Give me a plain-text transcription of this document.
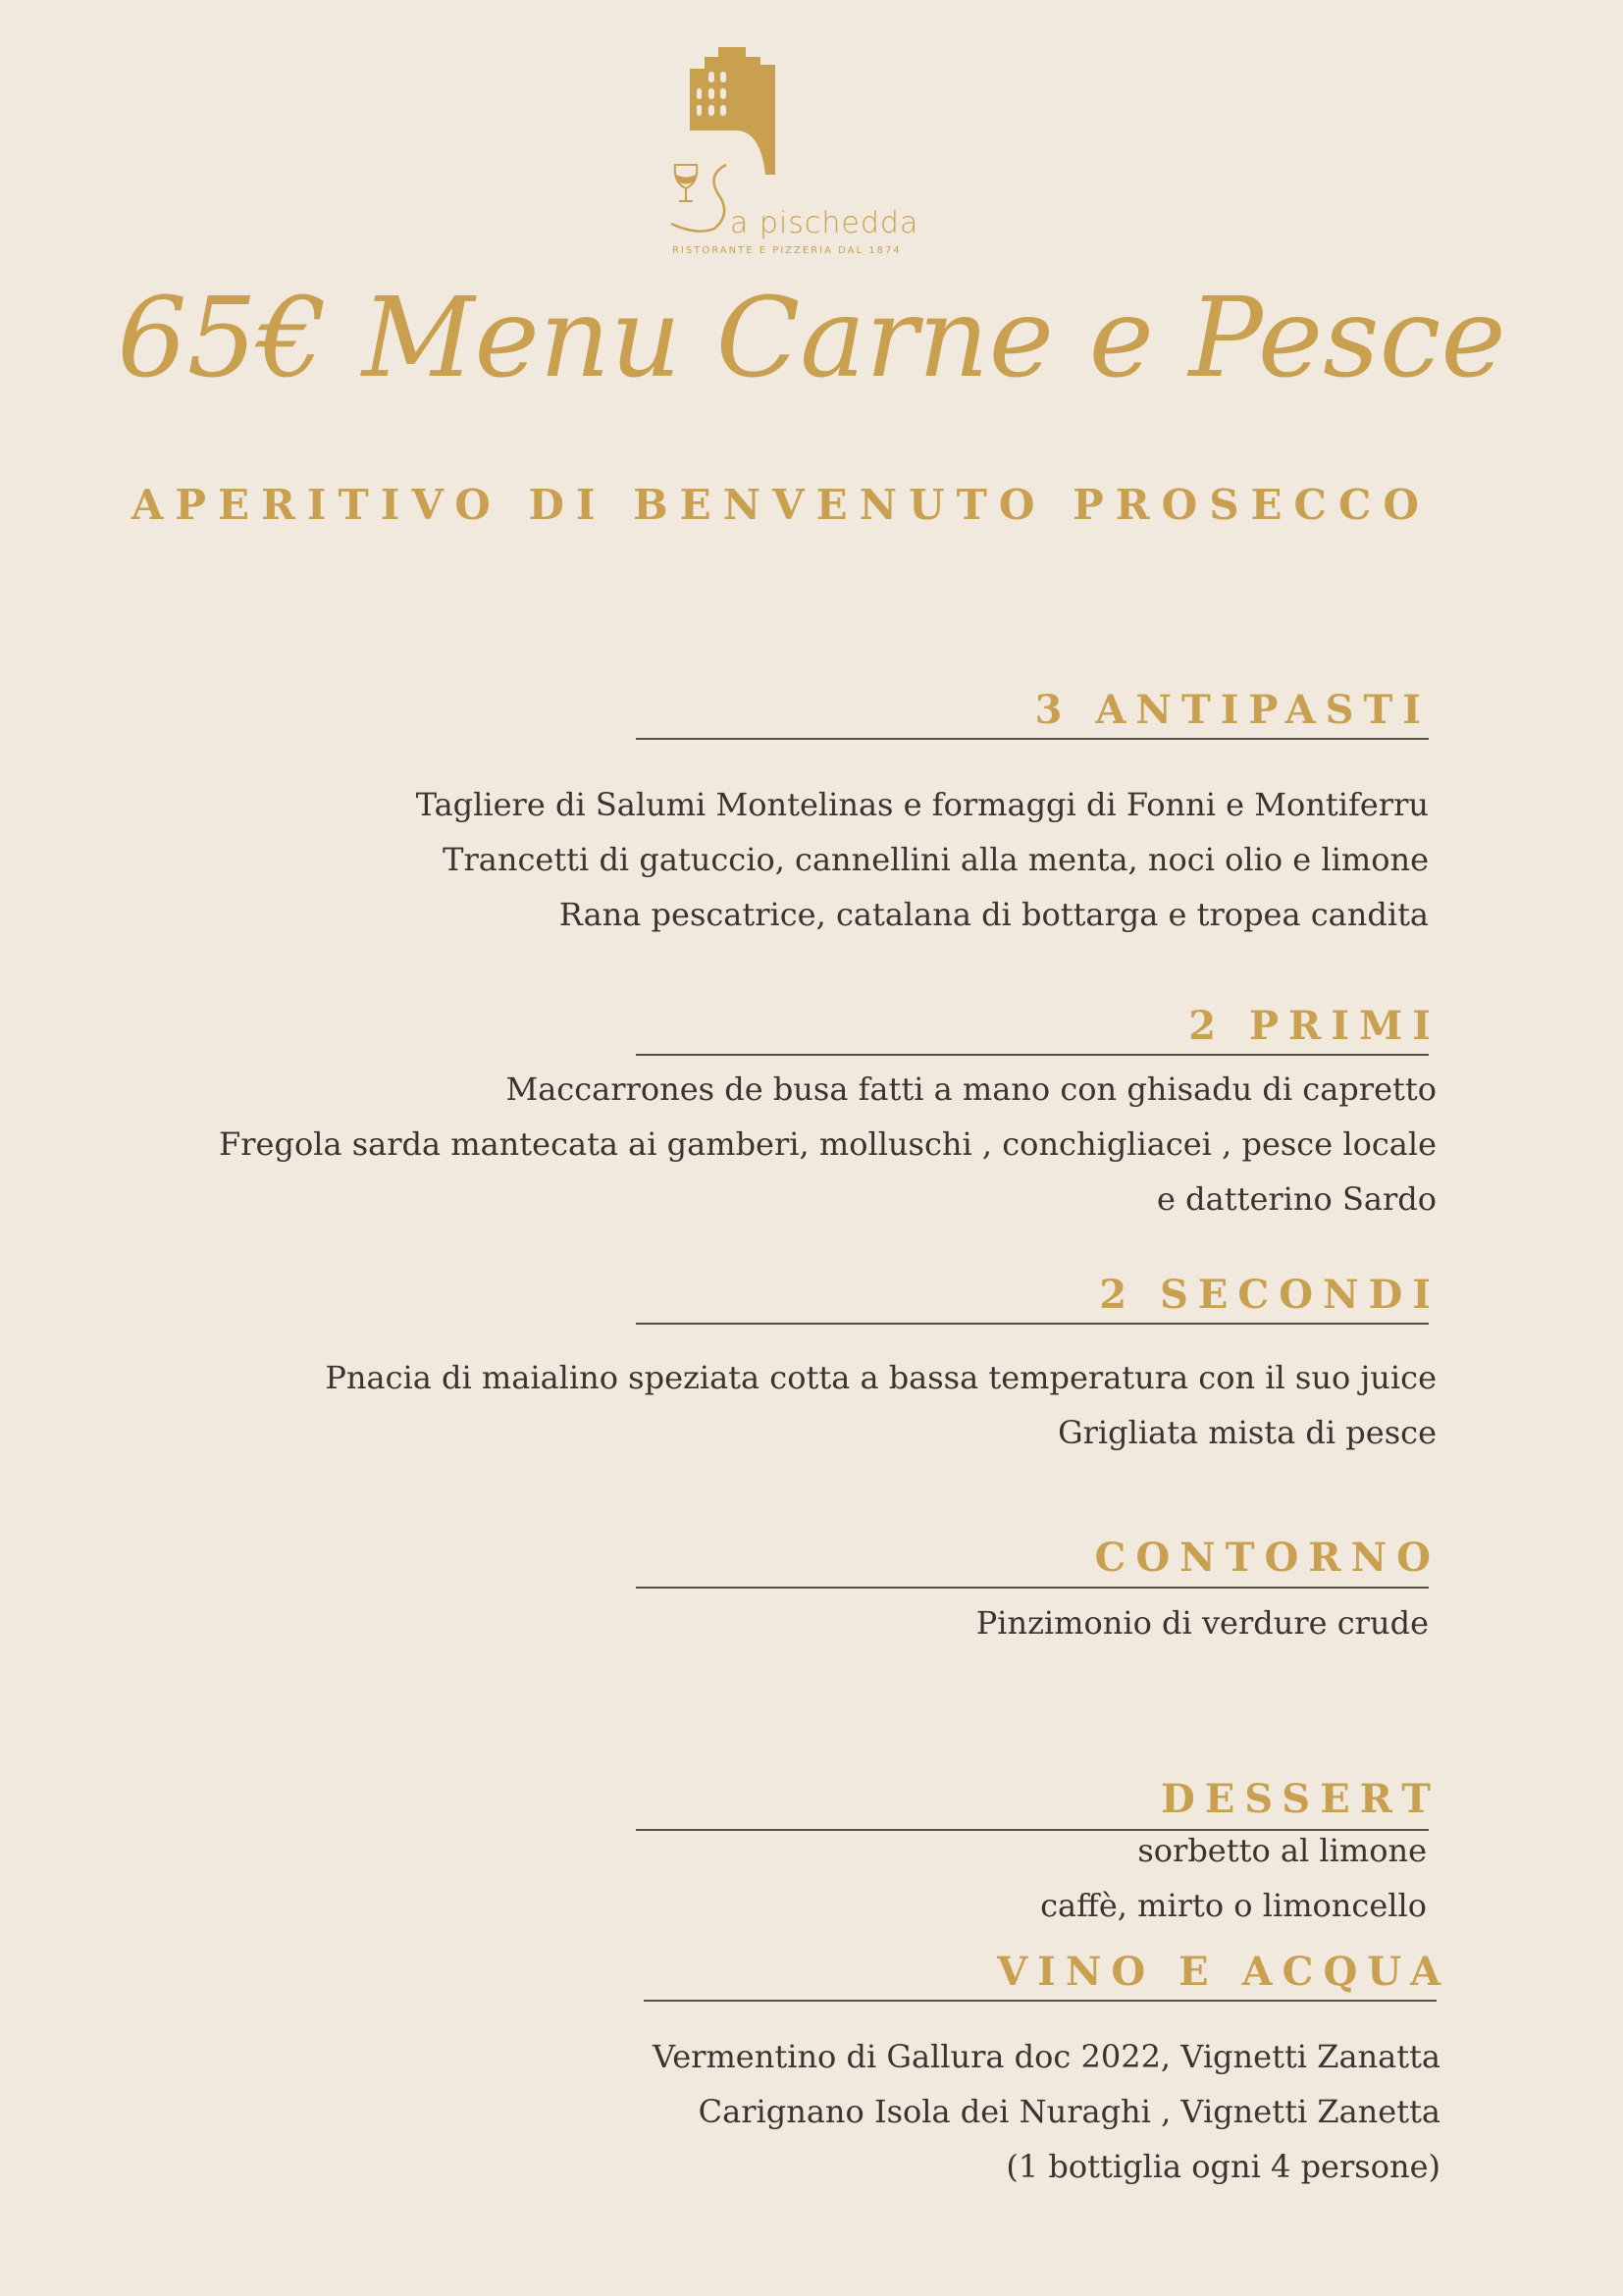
a pischedda
RISTORANTE E PIZZERIA DAL 1874
65€ Menu Carne e Pesce
APERITIVO DI BENVENUTO PROSECCO
3 ANTIPASTI
Tagliere di Salumi Montelinas e formaggi di Fonni e Montiferru
Trancetti di gatuccio, cannellini alla menta, noci olio e limone
Rana pescatrice, catalana di bottarga e tropea candita
2 PRIMI
Maccarrones de busa fatti a mano con ghisadu di capretto
Fregola sarda mantecata ai gamberi, molluschi , conchigliacei , pesce locale
e datterino Sardo
2 SECONDI
Pnacia di maialino speziata cotta a bassa temperatura con il suo juice
Grigliata mista di pesce
CONTORNO
Pinzimonio di verdure crude
DESSERT
sorbetto al limone
caffè, mirto o limoncello
VINO E ACQUA
Vermentino di Gallura doc 2022, Vignetti Zanatta
Carignano Isola dei Nuraghi , Vignetti Zanetta
(1 bottiglia ogni 4 persone)
